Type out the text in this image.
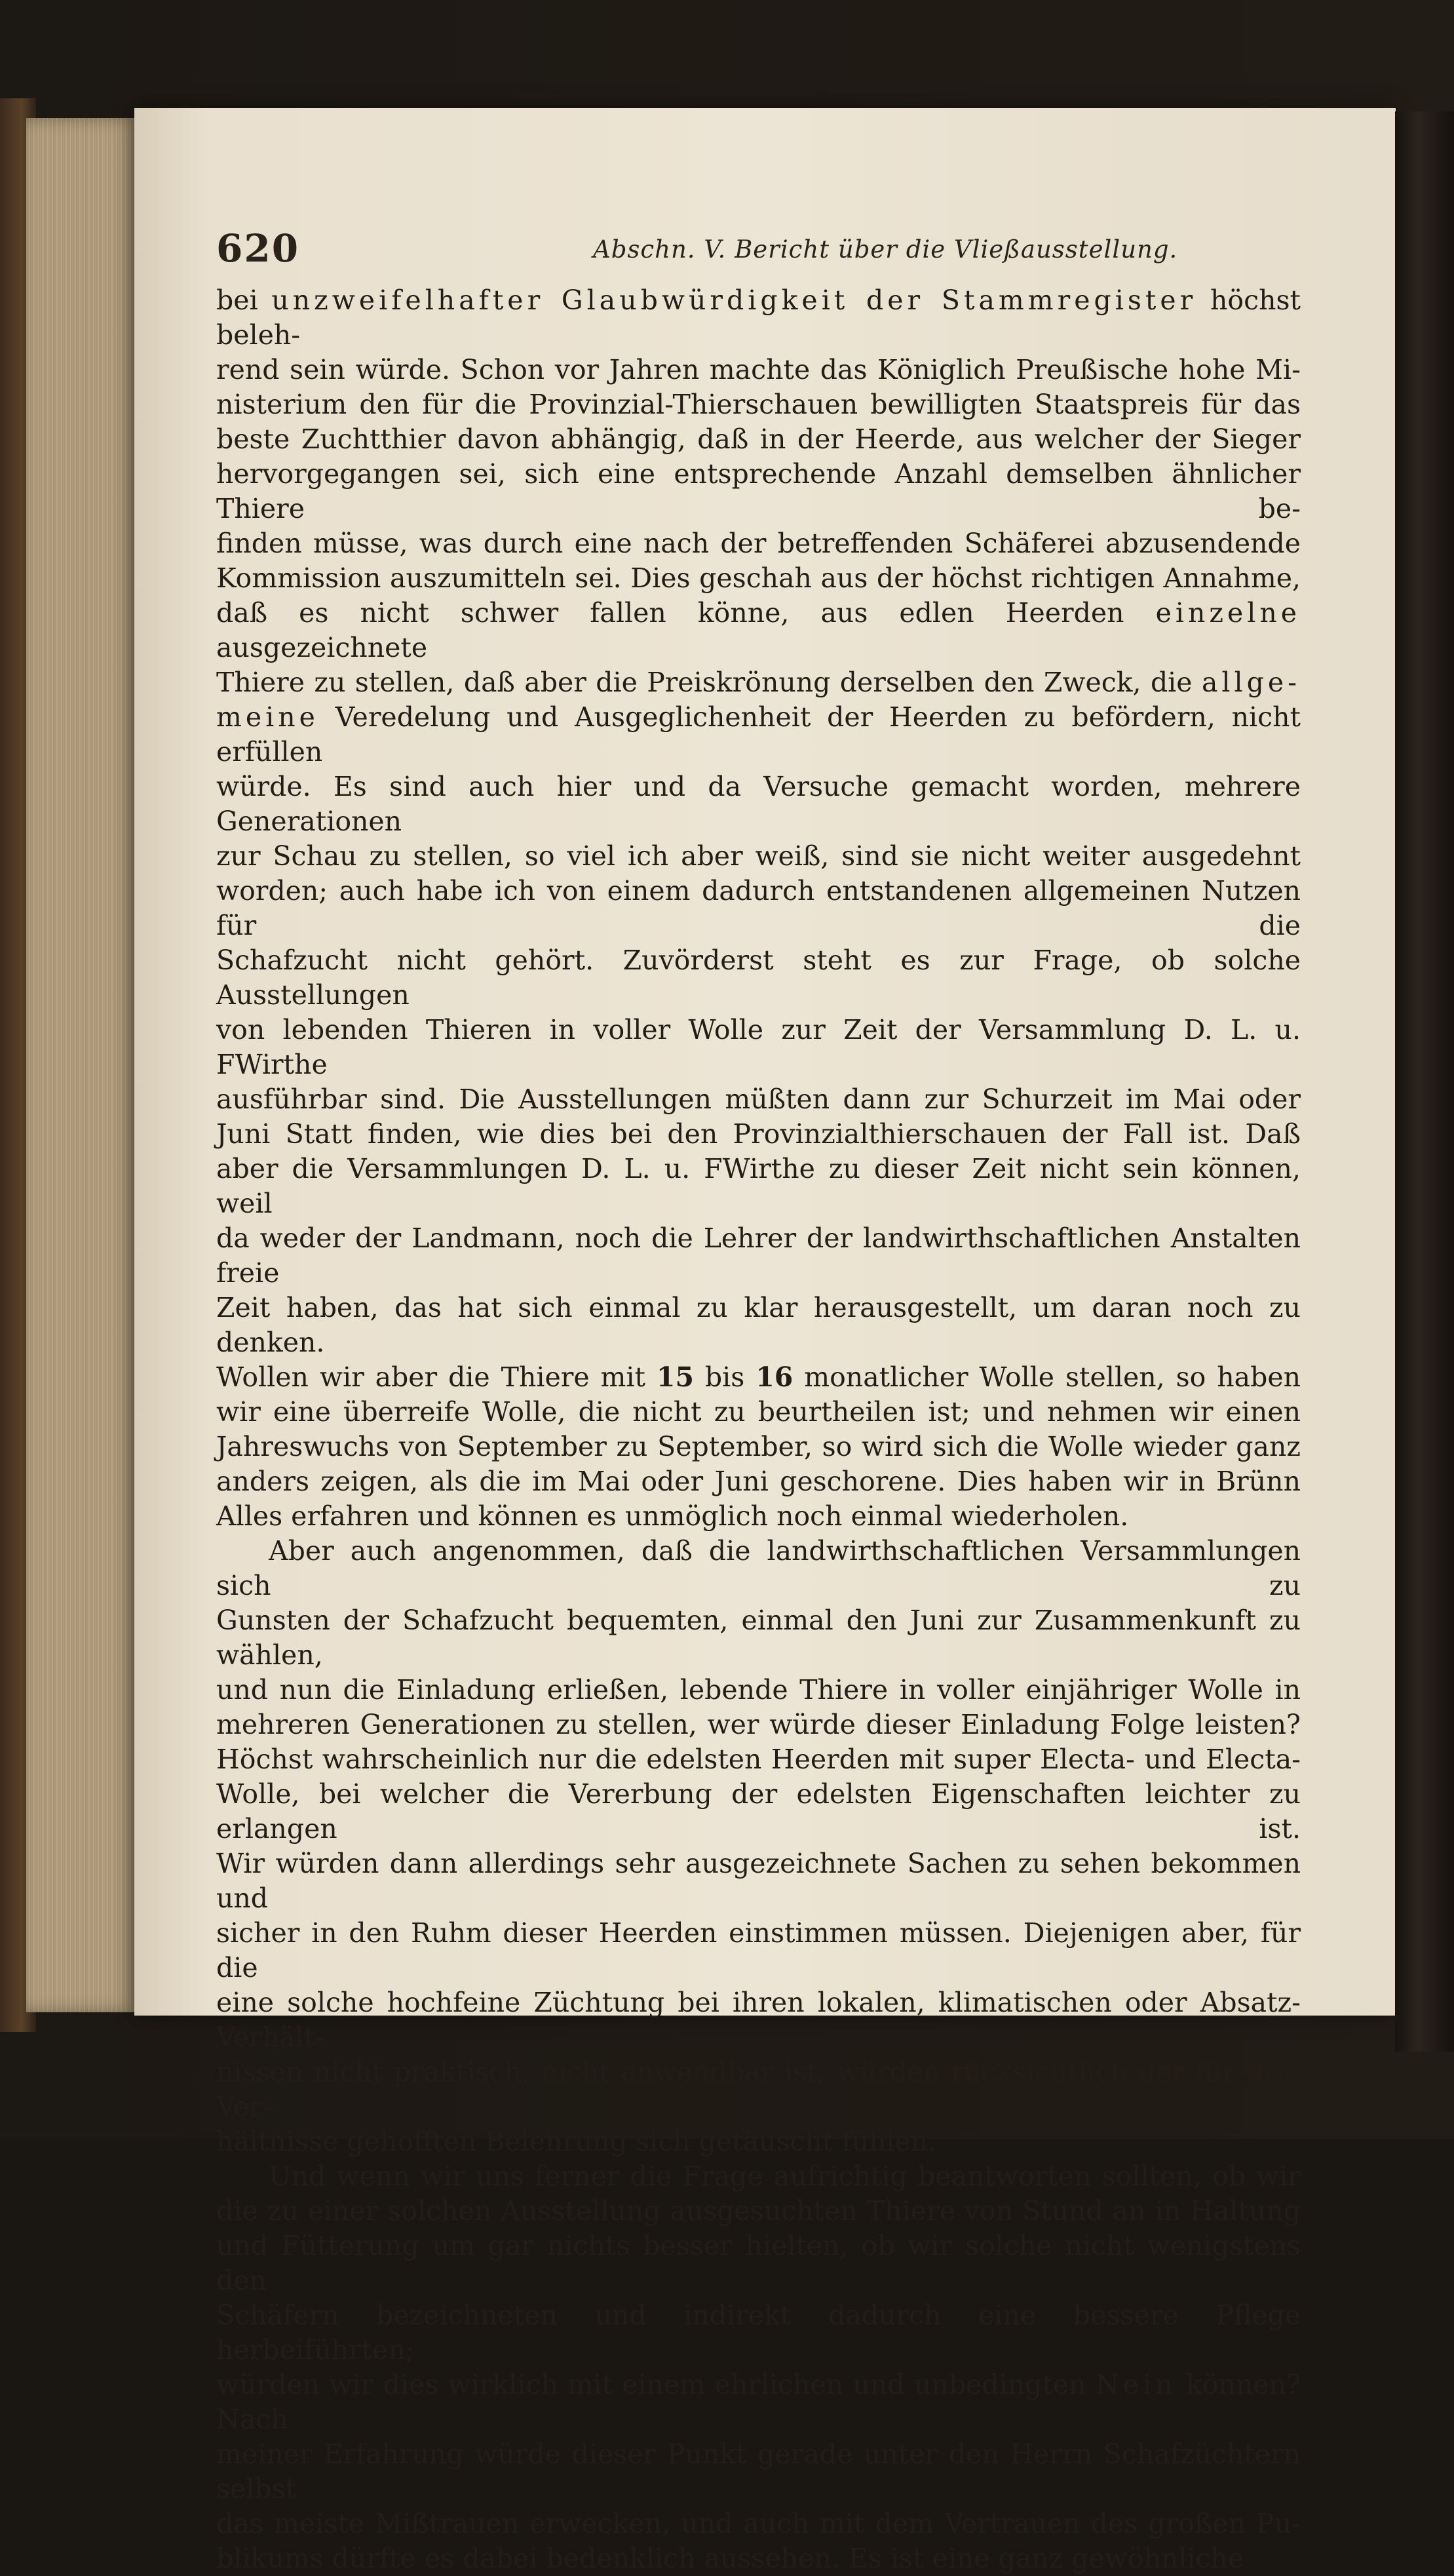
620	Abschn. V. Bericht über die Vließausstellung.

bei unzweifelhafter Glaubwürdigkeit der Stammregister höchst beleh-

rend sein würde. Schon vor Jahren machte das Königlich Preußische hohe Mi-

nisterium den für die Provinzial-Thierschauen bewilligten Staatspreis für das

beste Zuchtthier davon abhängig, daß in der Heerde, aus welcher der Sieger

hervorgegangen sei, sich eine entsprechende Anzahl demselben ähnlicher Thiere be-

finden müsse, was durch eine nach der betreffenden Schäferei abzusendende

Kommission auszumitteln sei. Dies geschah aus der höchst richtigen Annahme,

daß es nicht schwer fallen könne, aus edlen Heerden einzelne ausgezeichnete

Thiere zu stellen, daß aber die Preiskrönung derselben den Zweck, die allge-

meine Veredelung und Ausgeglichenheit der Heerden zu befördern, nicht erfüllen

würde. Es sind auch hier und da Versuche gemacht worden, mehrere Generationen

zur Schau zu stellen, so viel ich aber weiß, sind sie nicht weiter ausgedehnt

worden; auch habe ich von einem dadurch entstandenen allgemeinen Nutzen für die

Schafzucht nicht gehört. Zuvörderst steht es zur Frage, ob solche Ausstellungen

von lebenden Thieren in voller Wolle zur Zeit der Versammlung D. L. u. FWirthe

ausführbar sind. Die Ausstellungen müßten dann zur Schurzeit im Mai oder

Juni Statt finden, wie dies bei den Provinzialthierschauen der Fall ist. Daß

aber die Versammlungen D. L. u. FWirthe zu dieser Zeit nicht sein können, weil

da weder der Landmann, noch die Lehrer der landwirthschaftlichen Anstalten freie

Zeit haben, das hat sich einmal zu klar herausgestellt, um daran noch zu denken.

Wollen wir aber die Thiere mit 15 bis 16 monatlicher Wolle stellen, so haben

wir eine überreife Wolle, die nicht zu beurtheilen ist; und nehmen wir einen

Jahreswuchs von September zu September, so wird sich die Wolle wieder ganz

anders zeigen, als die im Mai oder Juni geschorene. Dies haben wir in Brünn

Alles erfahren und können es unmöglich noch einmal wiederholen.

Aber auch angenommen, daß die landwirthschaftlichen Versammlungen sich zu

Gunsten der Schafzucht bequemten, einmal den Juni zur Zusammenkunft zu wählen,

und nun die Einladung erließen, lebende Thiere in voller einjähriger Wolle in

mehreren Generationen zu stellen, wer würde dieser Einladung Folge leisten?

Höchst wahrscheinlich nur die edelsten Heerden mit super Electa- und Electa-

Wolle, bei welcher die Vererbung der edelsten Eigenschaften leichter zu erlangen ist.

Wir würden dann allerdings sehr ausgezeichnete Sachen zu sehen bekommen und

sicher in den Ruhm dieser Heerden einstimmen müssen. Diejenigen aber, für die

eine solche hochfeine Züchtung bei ihren lokalen, klimatischen oder Absatz-Verhält-

nissen nicht praktisch, nicht anwendbar ist, würden rücksichtlich der für ihre Ver-

hältnisse gehofften Belehrung sich getäuscht fühlen.

Und wenn wir uns ferner die Frage aufrichtig beantworten sollten, ob wir

die zu einer solchen Ausstellung ausgesuchten Thiere von Stund an in Haltung

und Fütterung um gar nichts besser hielten, ob wir solche nicht wenigstens den

Schäfern bezeichneten und indirekt dadurch eine bessere Pflege herbeiführten;

würden wir dies wirklich mit einem ehrlichen und unbedingten Nein können? Nach

meiner Erfahrung würde dieser Punkt gerade unter den Herrn Schafzüchtern selbst

das meiste Mißtrauen erwecken, und auch mit dem Vertrauen des großen Pu-

blikums dürfte es dabei bedenklich aussehen. Es ist eine ganz gewöhnliche
